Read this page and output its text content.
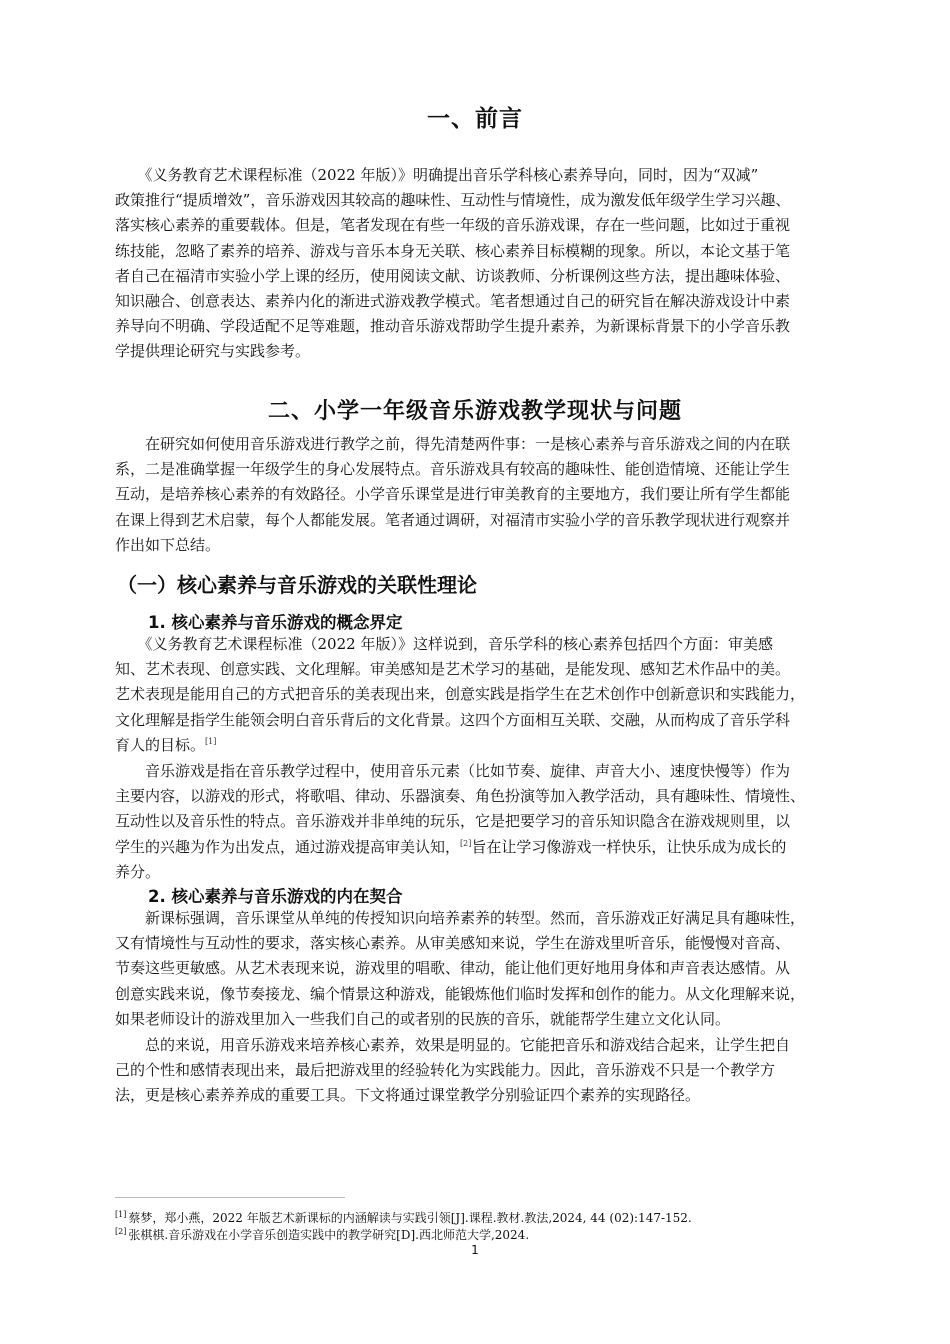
一、前言
　　《义务教育艺术课程标准（2022 年版）》明确提出音乐学科核心素养导向，同时，因为“双减”
政策推行“提质增效”，音乐游戏因其较高的趣味性、互动性与情境性，成为激发低年级学生学习兴趣、
落实核心素养的重要载体。但是，笔者发现在有些一年级的音乐游戏课，存在一些问题，比如过于重视
练技能，忽略了素养的培养、游戏与音乐本身无关联、核心素养目标模糊的现象。所以，本论文基于笔
者自己在福清市实验小学上课的经历，使用阅读文献、访谈教师、分析课例这些方法，提出趣味体验、
知识融合、创意表达、素养内化的渐进式游戏教学模式。笔者想通过自己的研究旨在解决游戏设计中素
养导向不明确、学段适配不足等难题，推动音乐游戏帮助学生提升素养，为新课标背景下的小学音乐教
学提供理论研究与实践参考。
二、小学一年级音乐游戏教学现状与问题
　　在研究如何使用音乐游戏进行教学之前，得先清楚两件事：一是核心素养与音乐游戏之间的内在联
系，二是准确掌握一年级学生的身心发展特点。音乐游戏具有较高的趣味性、能创造情境、还能让学生
互动，是培养核心素养的有效路径。小学音乐课堂是进行审美教育的主要地方，我们要让所有学生都能
在课上得到艺术启蒙，每个人都能发展。笔者通过调研，对福清市实验小学的音乐教学现状进行观察并
作出如下总结。
（一）核心素养与音乐游戏的关联性理论
1. 核心素养与音乐游戏的概念界定
　　《义务教育艺术课程标准（2022 年版）》这样说到，音乐学科的核心素养包括四个方面：审美感
知、艺术表现、创意实践、文化理解。审美感知是艺术学习的基础，是能发现、感知艺术作品中的美。
艺术表现是能用自己的方式把音乐的美表现出来，创意实践是指学生在艺术创作中创新意识和实践能力，
文化理解是指学生能领会明白音乐背后的文化背景。这四个方面相互关联、交融，从而构成了音乐学科
育人的目标。[1]
　　音乐游戏是指在音乐教学过程中，使用音乐元素（比如节奏、旋律、声音大小、速度快慢等）作为
主要内容，以游戏的形式，将歌唱、律动、乐器演奏、角色扮演等加入教学活动，具有趣味性、情境性、
互动性以及音乐性的特点。音乐游戏并非单纯的玩乐，它是把要学习的音乐知识隐含在游戏规则里，以
学生的兴趣为作为出发点，通过游戏提高审美认知，[2]旨在让学习像游戏一样快乐，让快乐成为成长的
养分。
2. 核心素养与音乐游戏的内在契合
　　新课标强调，音乐课堂从单纯的传授知识向培养素养的转型。然而，音乐游戏正好满足具有趣味性，
又有情境性与互动性的要求，落实核心素养。从审美感知来说，学生在游戏里听音乐，能慢慢对音高、
节奏这些更敏感。从艺术表现来说，游戏里的唱歌、律动，能让他们更好地用身体和声音表达感情。从
创意实践来说，像节奏接龙、编个情景这种游戏，能锻炼他们临时发挥和创作的能力。从文化理解来说，
如果老师设计的游戏里加入一些我们自己的或者别的民族的音乐，就能帮学生建立文化认同。
　　总的来说，用音乐游戏来培养核心素养，效果是明显的。它能把音乐和游戏结合起来，让学生把自
己的个性和感情表现出来，最后把游戏里的经验转化为实践能力。因此，音乐游戏不只是一个教学方
法，更是核心素养养成的重要工具。下文将通过课堂教学分别验证四个素养的实现路径。
[1] 蔡梦，郑小燕，2022 年版艺术新课标的内涵解读与实践引领[J].课程.教材.教法,2024, 44 (02):147-152.
[2] 张棋棋.音乐游戏在小学音乐创造实践中的教学研究[D].西北师范大学,2024.
1
